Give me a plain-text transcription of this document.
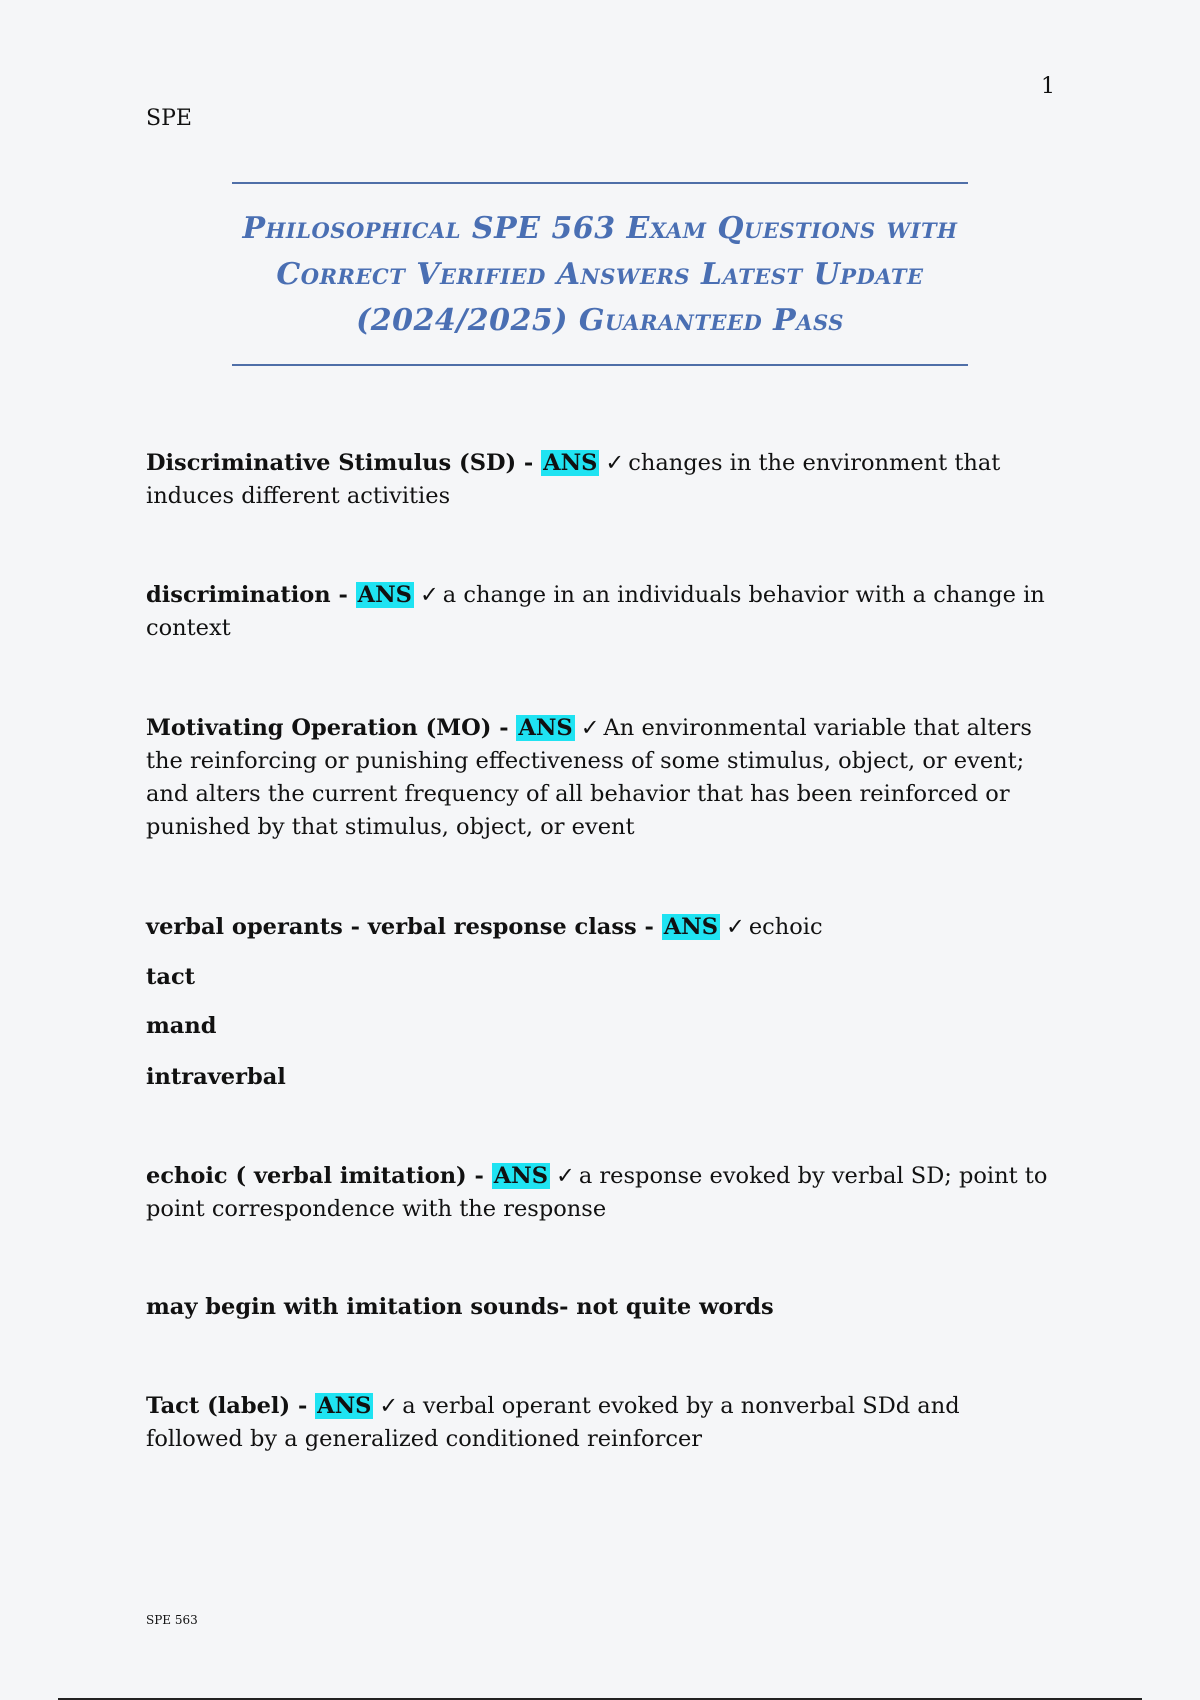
1
SPE
Philosophical SPE 563 Exam Questions with
Correct Verified Answers Latest Update
(2024/2025) Guaranteed Pass
Discriminative Stimulus (SD) - ANS ✓ changes in the environment that induces different activities
discrimination - ANS ✓ a change in an individuals behavior with a change in context
Motivating Operation (MO) - ANS ✓ An environmental variable that alters the reinforcing or punishing effectiveness of some stimulus, object, or event; and alters the current frequency of all behavior that has been reinforced or punished by that stimulus, object, or event
verbal operants - verbal response class - ANS ✓ echoic
tact
mand
intraverbal
echoic ( verbal imitation) - ANS ✓ a response evoked by verbal SD; point to point correspondence with the response
may begin with imitation sounds- not quite words
Tact (label) - ANS ✓ a verbal operant evoked by a nonverbal SDd and followed by a generalized conditioned reinforcer
SPE 563
